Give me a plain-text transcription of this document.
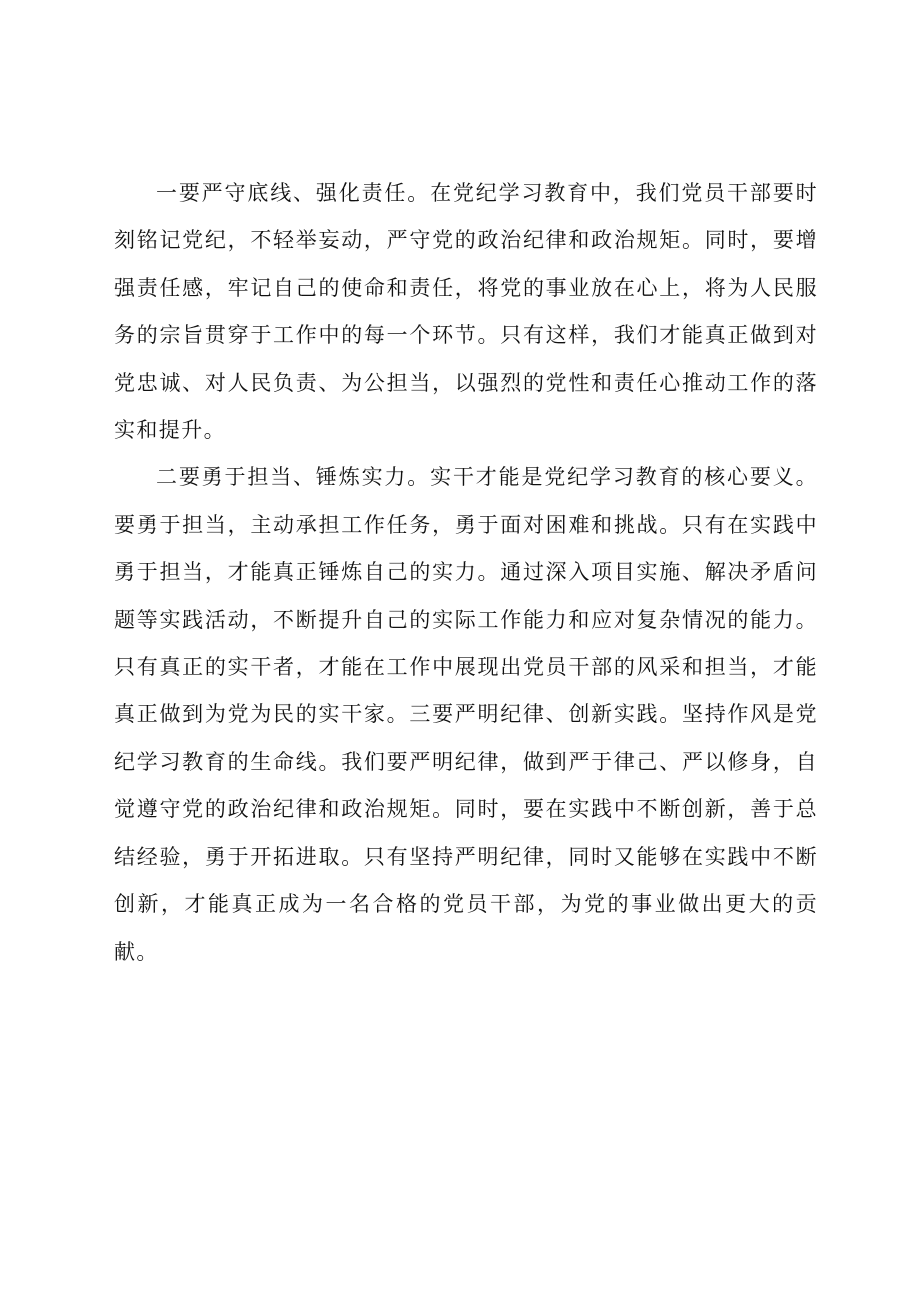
一要严守底线、强化责任。在党纪学习教育中，我们党员干部要时刻铭记党纪，不轻举妄动，严守党的政治纪律和政治规矩。同时，要增强责任感，牢记自己的使命和责任，将党的事业放在心上，将为人民服务的宗旨贯穿于工作中的每一个环节。只有这样，我们才能真正做到对党忠诚、对人民负责、为公担当，以强烈的党性和责任心推动工作的落实和提升。

二要勇于担当、锤炼实力。实干才能是党纪学习教育的核心要义。要勇于担当，主动承担工作任务，勇于面对困难和挑战。只有在实践中勇于担当，才能真正锤炼自己的实力。通过深入项目实施、解决矛盾问题等实践活动，不断提升自己的实际工作能力和应对复杂情况的能力。只有真正的实干者，才能在工作中展现出党员干部的风采和担当，才能真正做到为党为民的实干家。三要严明纪律、创新实践。坚持作风是党纪学习教育的生命线。我们要严明纪律，做到严于律己、严以修身，自觉遵守党的政治纪律和政治规矩。同时，要在实践中不断创新，善于总结经验，勇于开拓进取。只有坚持严明纪律，同时又能够在实践中不断创新，才能真正成为一名合格的党员干部，为党的事业做出更大的贡献。
